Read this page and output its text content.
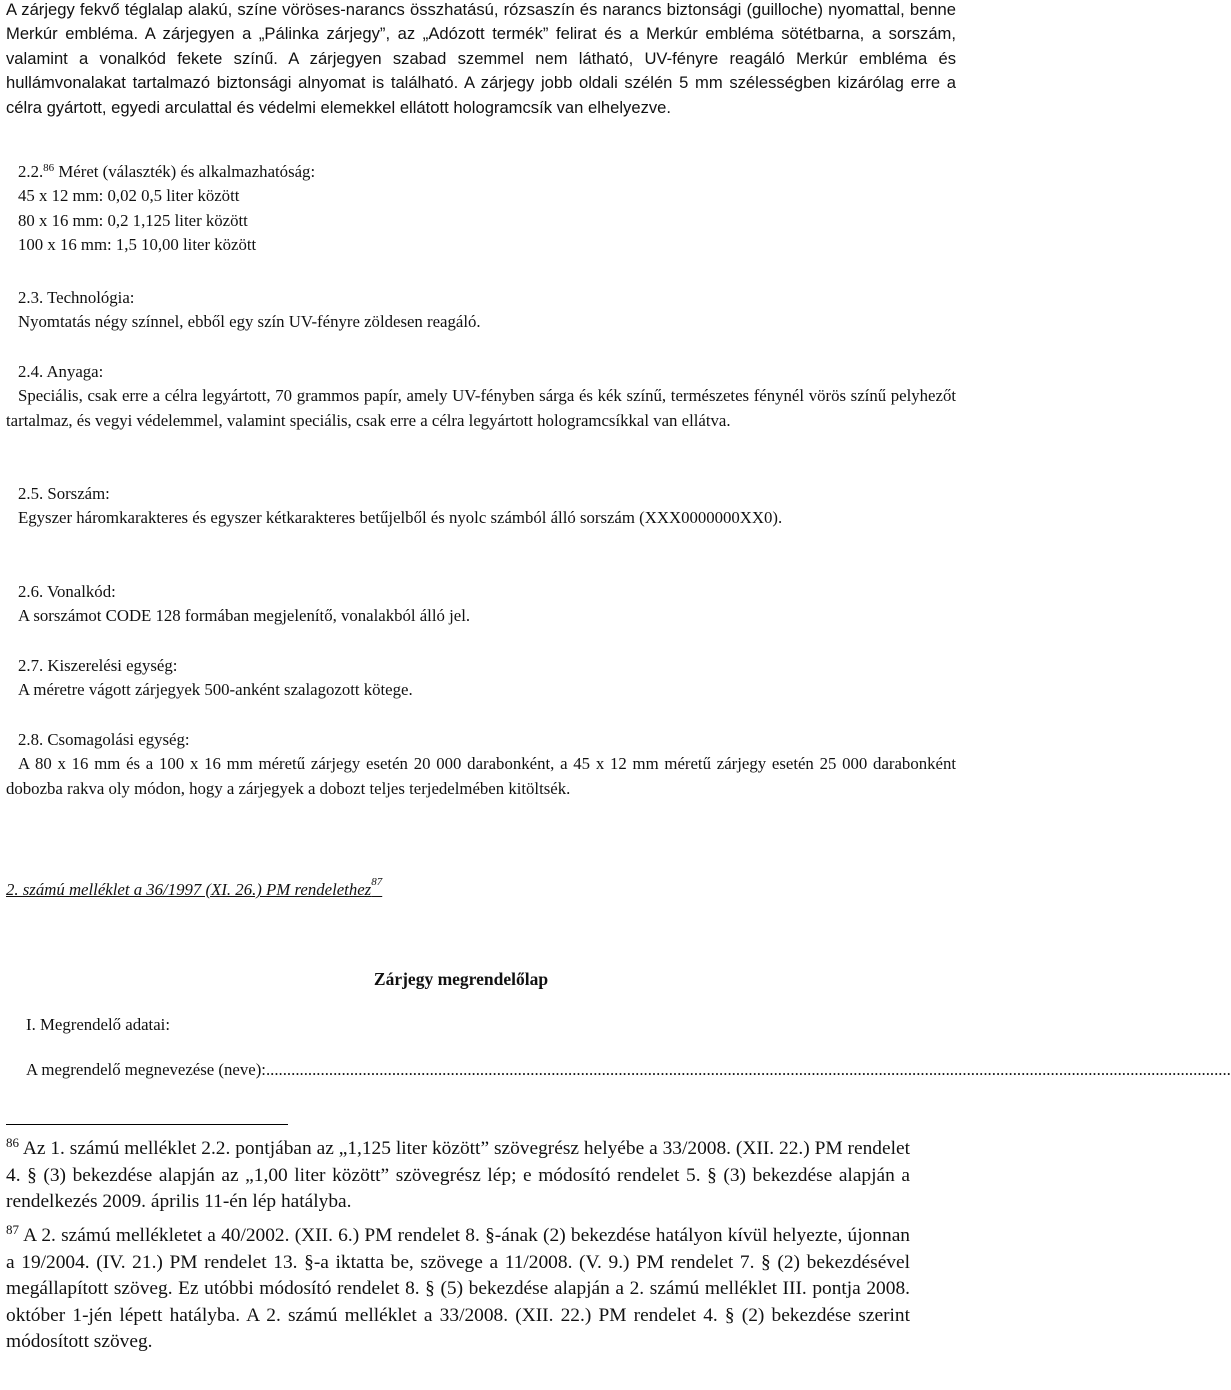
A zárjegy fekvő téglalap alakú, színe vöröses-narancs összhatású, rózsaszín és narancs biztonsági (guilloche) nyomattal, benne Merkúr embléma. A zárjegyen a „Pálinka zárjegy”, az „Adózott termék” felirat és a Merkúr embléma sötétbarna, a sorszám, valamint a vonalkód fekete színű. A zárjegyen szabad szemmel nem látható, UV-fényre reagáló Merkúr embléma és hullámvonalakat tartalmazó biztonsági alnyomat is található. A zárjegy jobb oldali szélén 5 mm szélességben kizárólag erre a célra gyártott, egyedi arculattal és védelmi elemekkel ellátott hologramcsík van elhelyezve.

2.2.86 Méret (választék) és alkalmazhatóság:

45 x 12 mm: 0,02 0,5 liter között

80 x 16 mm: 0,2 1,125 liter között

100 x 16 mm: 1,5 10,00 liter között

2.3. Technológia:

Nyomtatás négy színnel, ebből egy szín UV-fényre zöldesen reagáló.

2.4. Anyaga:

Speciális, csak erre a célra legyártott, 70 grammos papír, amely UV-fényben sárga és kék színű, természetes fénynél vörös színű pelyhezőt tartalmaz, és vegyi védelemmel, valamint speciális, csak erre a célra legyártott hologramcsíkkal van ellátva.

2.5. Sorszám:

Egyszer háromkarakteres és egyszer kétkarakteres betűjelből és nyolc számból álló sorszám (XXX0000000XX0).

2.6. Vonalkód:

A sorszámot CODE 128 formában megjelenítő, vonalakból álló jel.

2.7. Kiszerelési egység:

A méretre vágott zárjegyek 500-anként szalagozott kötege.

2.8. Csomagolási egység:

A 80 x 16 mm és a 100 x 16 mm méretű zárjegy esetén 20 000 darabonként, a 45 x 12 mm méretű zárjegy esetén 25 000 darabonként dobozba rakva oly módon, hogy a zárjegyek a dobozt teljes terjedelmében kitöltsék.

2. számú melléklet a 36/1997 (XI. 26.) PM rendelethez$^{87}$
Zárjegy megrendelőlap
I. Megrendelő adatai:
A megrendelő megnevezése (neve):......................................................................................................................................................................................................................................

$^{86}$ Az 1. számú melléklet 2.2. pontjában az „1,125 liter között” szövegrész helyébe a 33/2008. (XII. 22.) PM rendelet 4. § (3) bekezdése alapján az „1,00 liter között” szövegrész lép; e módosító rendelet 5. § (3) bekezdése alapján a rendelkezés 2009. április 11-én lép hatályba.

$^{87}$ A 2. számú mellékletet a 40/2002. (XII. 6.) PM rendelet 8. §-ának (2) bekezdése hatályon kívül helyezte, újonnan a 19/2004. (IV. 21.) PM rendelet 13. §-a iktatta be, szövege a 11/2008. (V. 9.) PM rendelet 7. § (2) bekezdésével megállapított szöveg. Ez utóbbi módosító rendelet 8. § (5) bekezdése alapján a 2. számú melléklet III. pontja 2008. október 1-jén lépett hatályba. A 2. számú melléklet a 33/2008. (XII. 22.) PM rendelet 4. § (2) bekezdése szerint módosított szöveg.
